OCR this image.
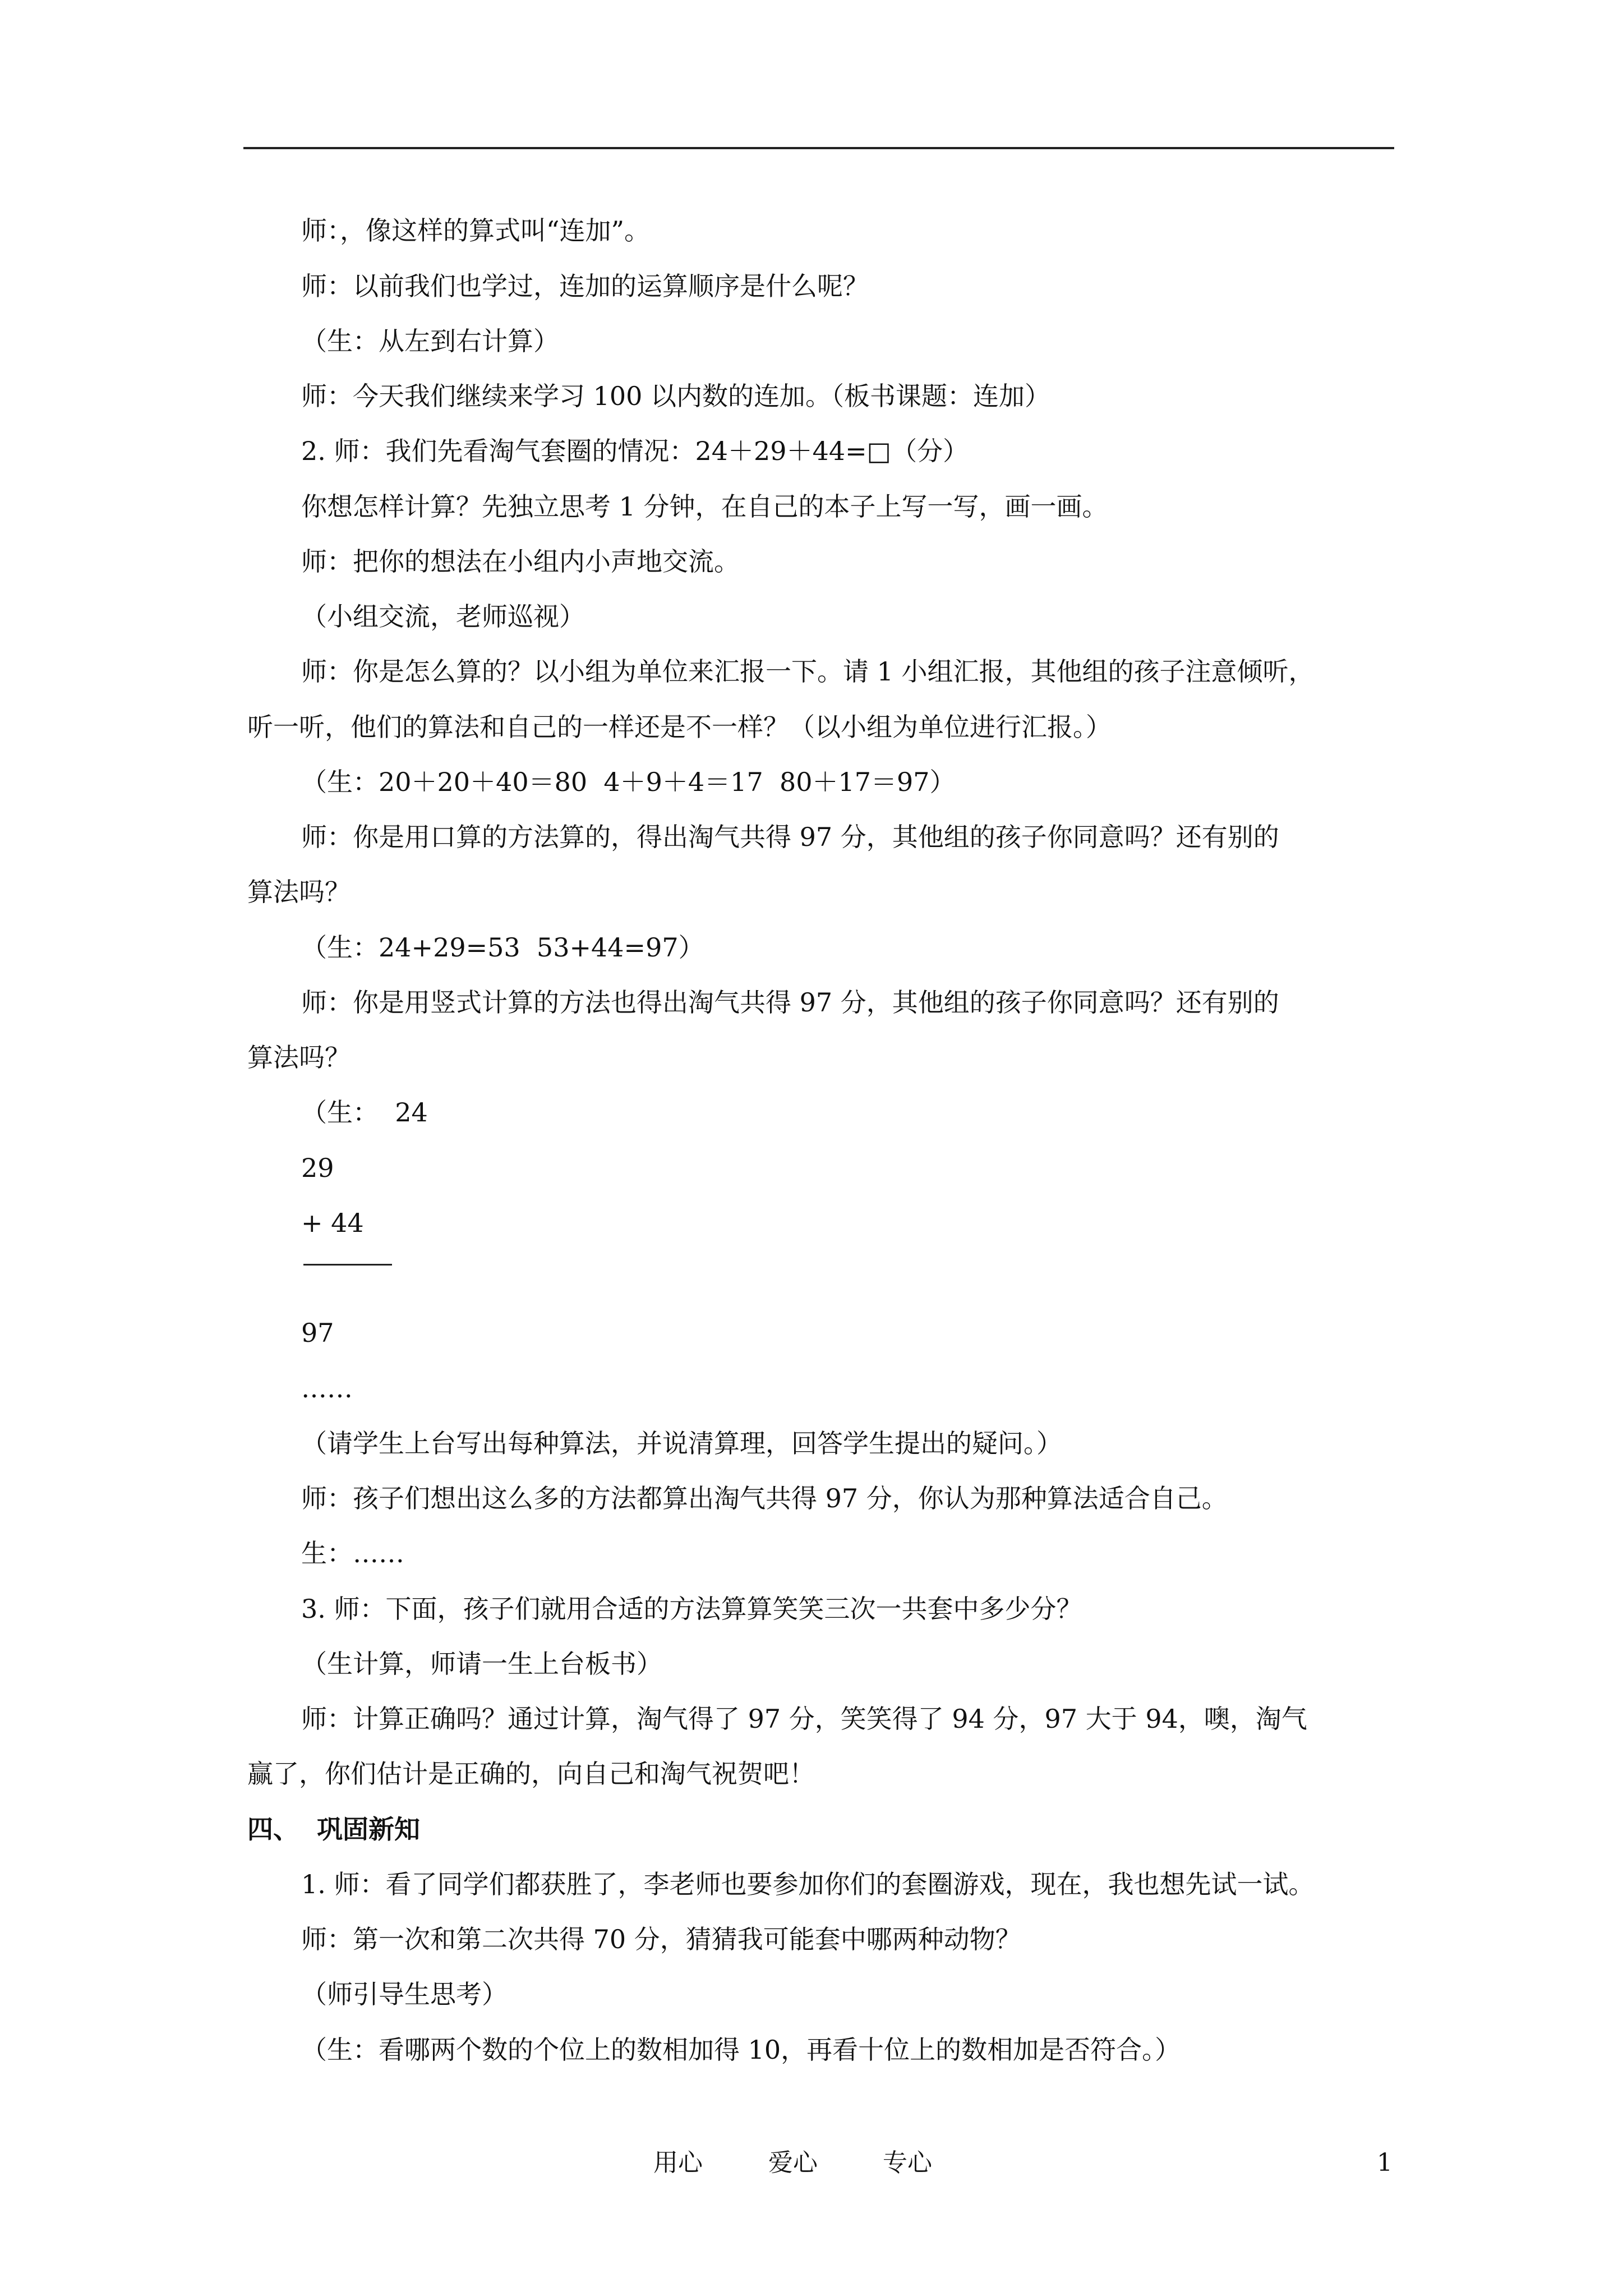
师：，像这样的算式叫“连加”。
师：以前我们也学过，连加的运算顺序是什么呢？
（生：从左到右计算）
师：今天我们继续来学习 100 以内数的连加。（板书课题：连加）
2. 师：我们先看淘气套圈的情况：24＋29＋44=□（分）
你想怎样计算？先独立思考 1 分钟，在自己的本子上写一写，画一画。
师：把你的想法在小组内小声地交流。
（小组交流，老师巡视）
师：你是怎么算的？以小组为单位来汇报一下。请 1 小组汇报，其他组的孩子注意倾听，
听一听，他们的算法和自己的一样还是不一样？（以小组为单位进行汇报。）
（生：20＋20＋40＝80  4＋9＋4＝17  80＋17＝97）
师：你是用口算的方法算的，得出淘气共得 97 分，其他组的孩子你同意吗？还有别的
算法吗？
（生：24+29=53  53+44=97）
师：你是用竖式计算的方法也得出淘气共得 97 分，其他组的孩子你同意吗？还有别的
算法吗？
（生：  24
29
+ 44
97
……
（请学生上台写出每种算法，并说清算理，回答学生提出的疑问。）
师：孩子们想出这么多的方法都算出淘气共得 97 分，你认为那种算法适合自己。
生：……
3. 师：下面，孩子们就用合适的方法算算笑笑三次一共套中多少分？
（生计算，师请一生上台板书）
师：计算正确吗？通过计算，淘气得了 97 分，笑笑得了 94 分，97 大于 94，噢，淘气
赢了，你们估计是正确的，向自己和淘气祝贺吧！
四、  巩固新知
1. 师：看了同学们都获胜了，李老师也要参加你们的套圈游戏，现在，我也想先试一试。
师：第一次和第二次共得 70 分，猜猜我可能套中哪两种动物？
（师引导生思考）
（生：看哪两个数的个位上的数相加得 10，再看十位上的数相加是否符合。）
用心	爱心	专心	1
